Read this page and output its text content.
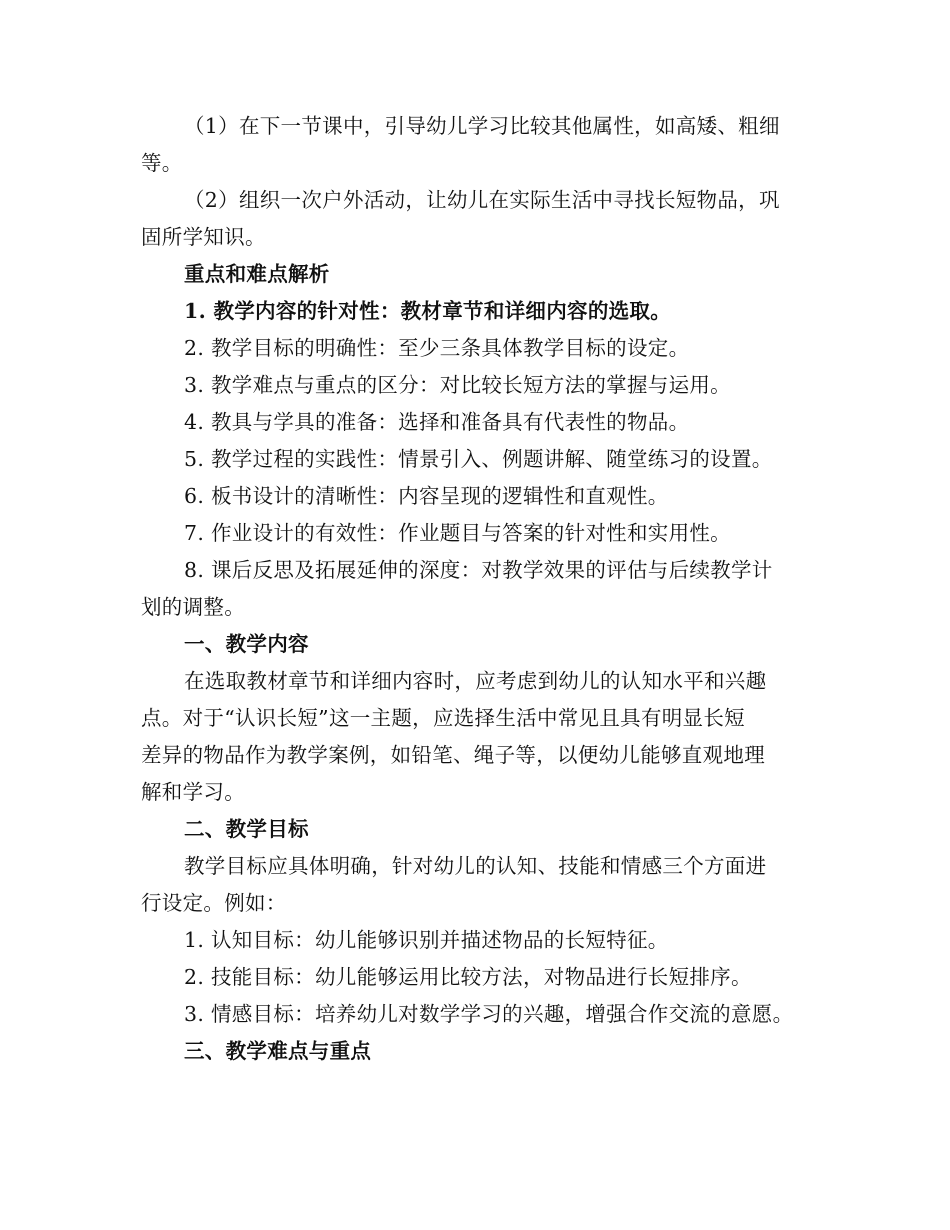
（1）在下一节课中，引导幼儿学习比较其他属性，如高矮、粗细
等。
（2）组织一次户外活动，让幼儿在实际生活中寻找长短物品，巩
固所学知识。
重点和难点解析
1. 教学内容的针对性：教材章节和详细内容的选取。
2. 教学目标的明确性：至少三条具体教学目标的设定。
3. 教学难点与重点的区分：对比较长短方法的掌握与运用。
4. 教具与学具的准备：选择和准备具有代表性的物品。
5. 教学过程的实践性：情景引入、例题讲解、随堂练习的设置。
6. 板书设计的清晰性：内容呈现的逻辑性和直观性。
7. 作业设计的有效性：作业题目与答案的针对性和实用性。
8. 课后反思及拓展延伸的深度：对教学效果的评估与后续教学计
划的调整。
一、教学内容
在选取教材章节和详细内容时，应考虑到幼儿的认知水平和兴趣
点。对于“认识长短”这一主题，应选择生活中常见且具有明显长短
差异的物品作为教学案例，如铅笔、绳子等，以便幼儿能够直观地理
解和学习。
二、教学目标
教学目标应具体明确，针对幼儿的认知、技能和情感三个方面进
行设定。例如：
1. 认知目标：幼儿能够识别并描述物品的长短特征。
2. 技能目标：幼儿能够运用比较方法，对物品进行长短排序。
3. 情感目标：培养幼儿对数学学习的兴趣，增强合作交流的意愿。
三、教学难点与重点
